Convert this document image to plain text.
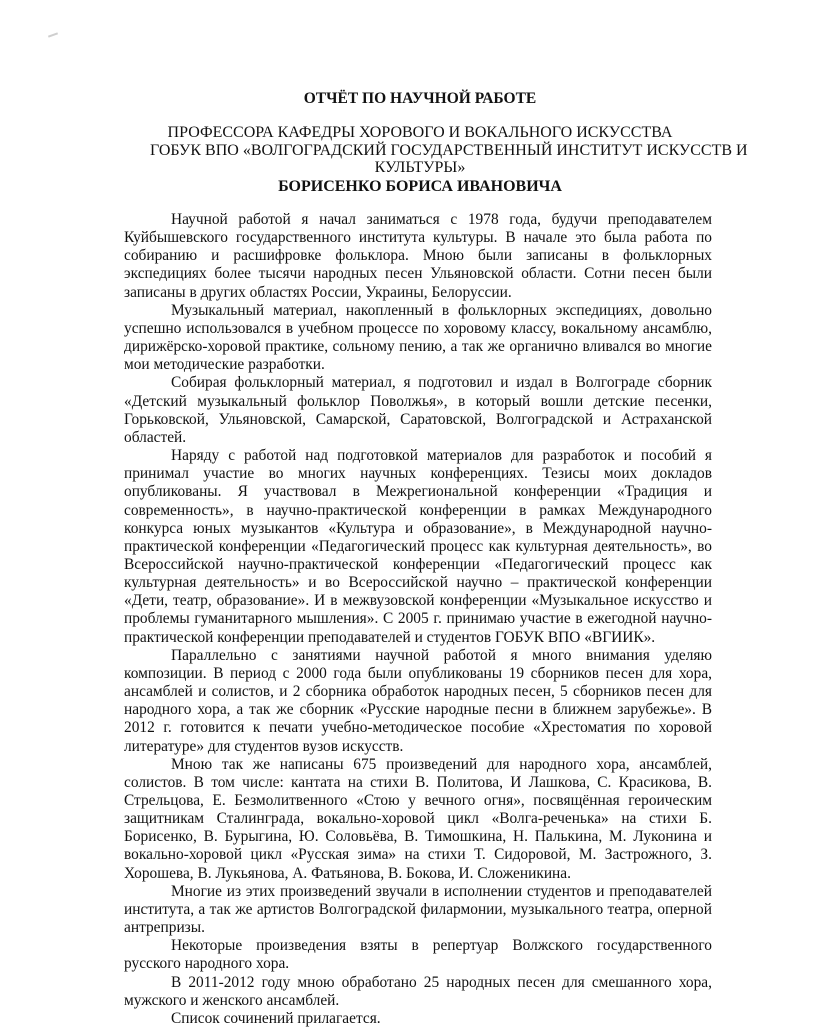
ОТЧЁТ ПО НАУЧНОЙ РАБОТЕ
ПРОФЕССОРА КАФЕДРЫ ХОРОВОГО И ВОКАЛЬНОГО ИСКУССТВА
ГОБУК ВПО «ВОЛГОГРАДСКИЙ ГОСУДАРСТВЕННЫЙ ИНСТИТУТ ИСКУССТВ И
КУЛЬТУРЫ»
БОРИСЕНКО БОРИСА ИВАНОВИЧА

Научной работой я начал заниматься с 1978 года, будучи преподавателем Куйбышевского государственного института культуры. В начале это была работа по собиранию и расшифровке фольклора. Мною были записаны в фольклорных экспедициях более тысячи народных песен Ульяновской области. Сотни песен были записаны в других областях России, Украины, Белоруссии.

Музыкальный материал, накопленный в фольклорных экспедициях, довольно успешно использовался в учебном процессе по хоровому классу, вокальному ансамблю, дирижёрско-хоровой практике, сольному пению, а так же органично вливался во многие мои методические разработки.

Собирая фольклорный материал, я подготовил и издал в Волгограде сборник «Детский музыкальный фольклор Поволжья», в который вошли детские песенки, Горьковской, Ульяновской, Самарской, Саратовской, Волгоградской и Астраханской областей.

Наряду с работой над подготовкой материалов для разработок и пособий я принимал участие во многих научных конференциях. Тезисы моих докладов опубликованы. Я участвовал в Межрегиональной конференции «Традиция и современность», в научно-практической конференции в рамках Международного конкурса юных музыкантов «Культура и образование», в Международной научно-практической конференции «Педагогический процесс как культурная деятельность», во Всероссийской научно-практической конференции «Педагогический процесс как культурная деятельность» и во Всероссийской научно – практической конференции «Дети, театр, образование». И в межвузовской конференции «Музыкальное искусство и проблемы гуманитарного мышления». С 2005 г. принимаю участие в ежегодной научно-практической конференции преподавателей и студентов ГОБУК ВПО «ВГИИК».

Параллельно с занятиями научной работой я много внимания уделяю композиции. В период с 2000 года были опубликованы 19 сборников песен для хора, ансамблей и солистов, и 2 сборника обработок народных песен, 5 сборников песен для народного хора, а так же сборник «Русские народные песни в ближнем зарубежье». В 2012 г. готовится к печати учебно-методическое пособие «Хрестоматия по хоровой литературе» для студентов вузов искусств.

Мною так же написаны 675 произведений для народного хора, ансамблей, солистов. В том числе: кантата на стихи В. Политова, И Лашкова, С. Красикова, В. Стрельцова, Е. Безмолитвенного «Стою у вечного огня», посвящённая героическим защитникам Сталинграда, вокально-хоровой цикл «Волга-реченька» на стихи Б. Борисенко, В. Бурыгина, Ю. Соловьёва, В. Тимошкина, Н. Палькина, М. Луконина и вокально-хоровой цикл «Русская зима» на стихи Т. Сидоровой, М. Застрожного, З. Хорошева, В. Лукьянова, А. Фатьянова, В. Бокова, И. Сложеникина.

Многие из этих произведений звучали в исполнении студентов и преподавателей института, а так же артистов Волгоградской филармонии, музыкального театра, оперной антрепризы.

Некоторые произведения взяты в репертуар Волжского государственного русского народного хора.

В 2011-2012 году мною обработано 25 народных песен для смешанного хора, мужского и женского ансамблей.

Список сочинений прилагается.
